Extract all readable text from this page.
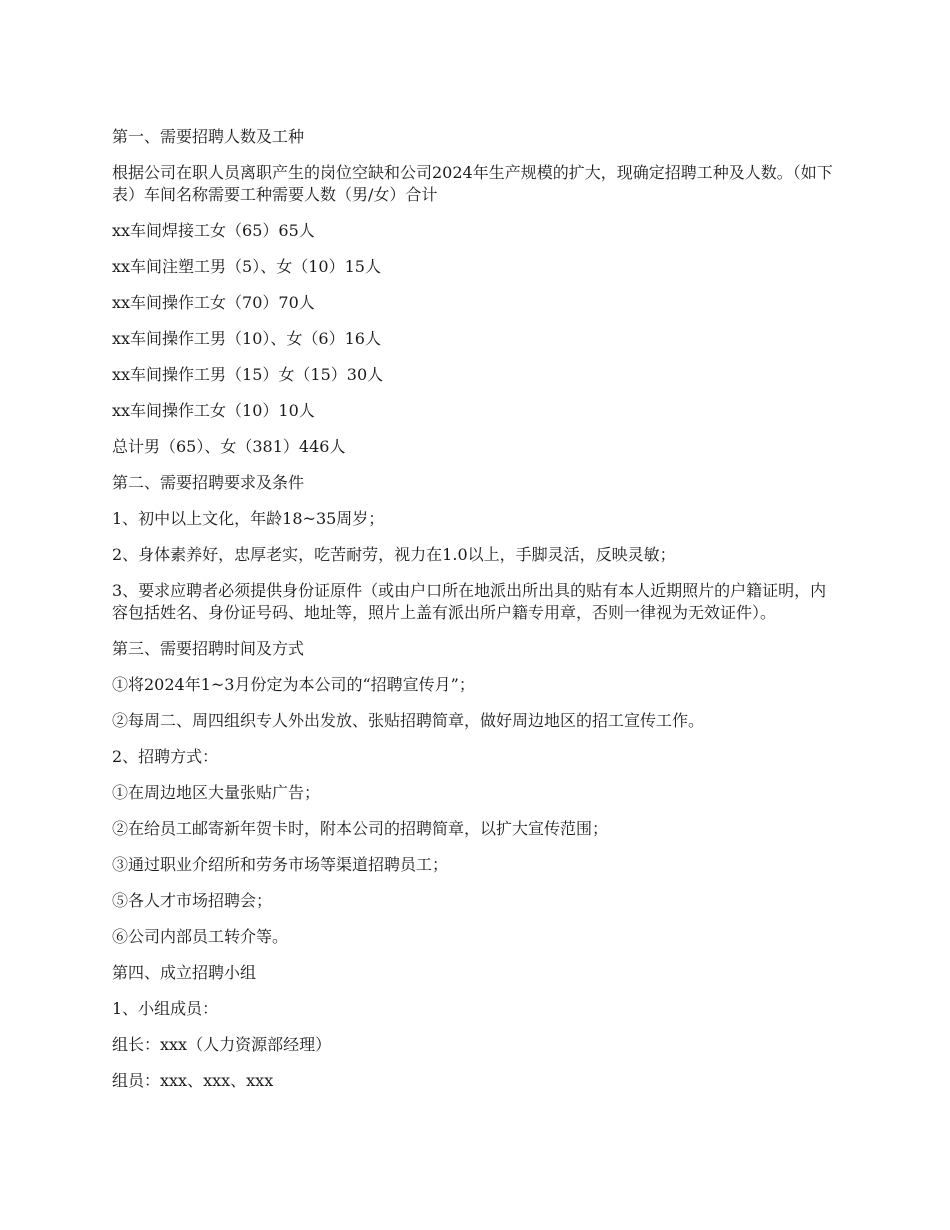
第一、需要招聘人数及工种

根据公司在职人员离职产生的岗位空缺和公司2024年生产规模的扩大，现确定招聘工种及人数。（如下表）车间名称需要工种需要人数（男/女）合计

xx车间焊接工女（65）65人

xx车间注塑工男（5）、女（10）15人

xx车间操作工女（70）70人

xx车间操作工男（10）、女（6）16人

xx车间操作工男（15）女（15）30人

xx车间操作工女（10）10人

总计男（65）、女（381）446人

第二、需要招聘要求及条件

1、初中以上文化，年龄18~35周岁；

2、身体素养好，忠厚老实，吃苦耐劳，视力在1.0以上，手脚灵活，反映灵敏；

3、要求应聘者必须提供身份证原件（或由户口所在地派出所出具的贴有本人近期照片的户籍证明，内容包括姓名、身份证号码、地址等，照片上盖有派出所户籍专用章，否则一律视为无效证件）。

第三、需要招聘时间及方式

①将2024年1~3月份定为本公司的“招聘宣传月”；

②每周二、周四组织专人外出发放、张贴招聘简章，做好周边地区的招工宣传工作。

2、招聘方式：

①在周边地区大量张贴广告；

②在给员工邮寄新年贺卡时，附本公司的招聘简章，以扩大宣传范围；

③通过职业介绍所和劳务市场等渠道招聘员工；

⑤各人才市场招聘会；

⑥公司内部员工转介等。

第四、成立招聘小组

1、小组成员：

组长：xxx（人力资源部经理）

组员：xxx、xxx、xxx
